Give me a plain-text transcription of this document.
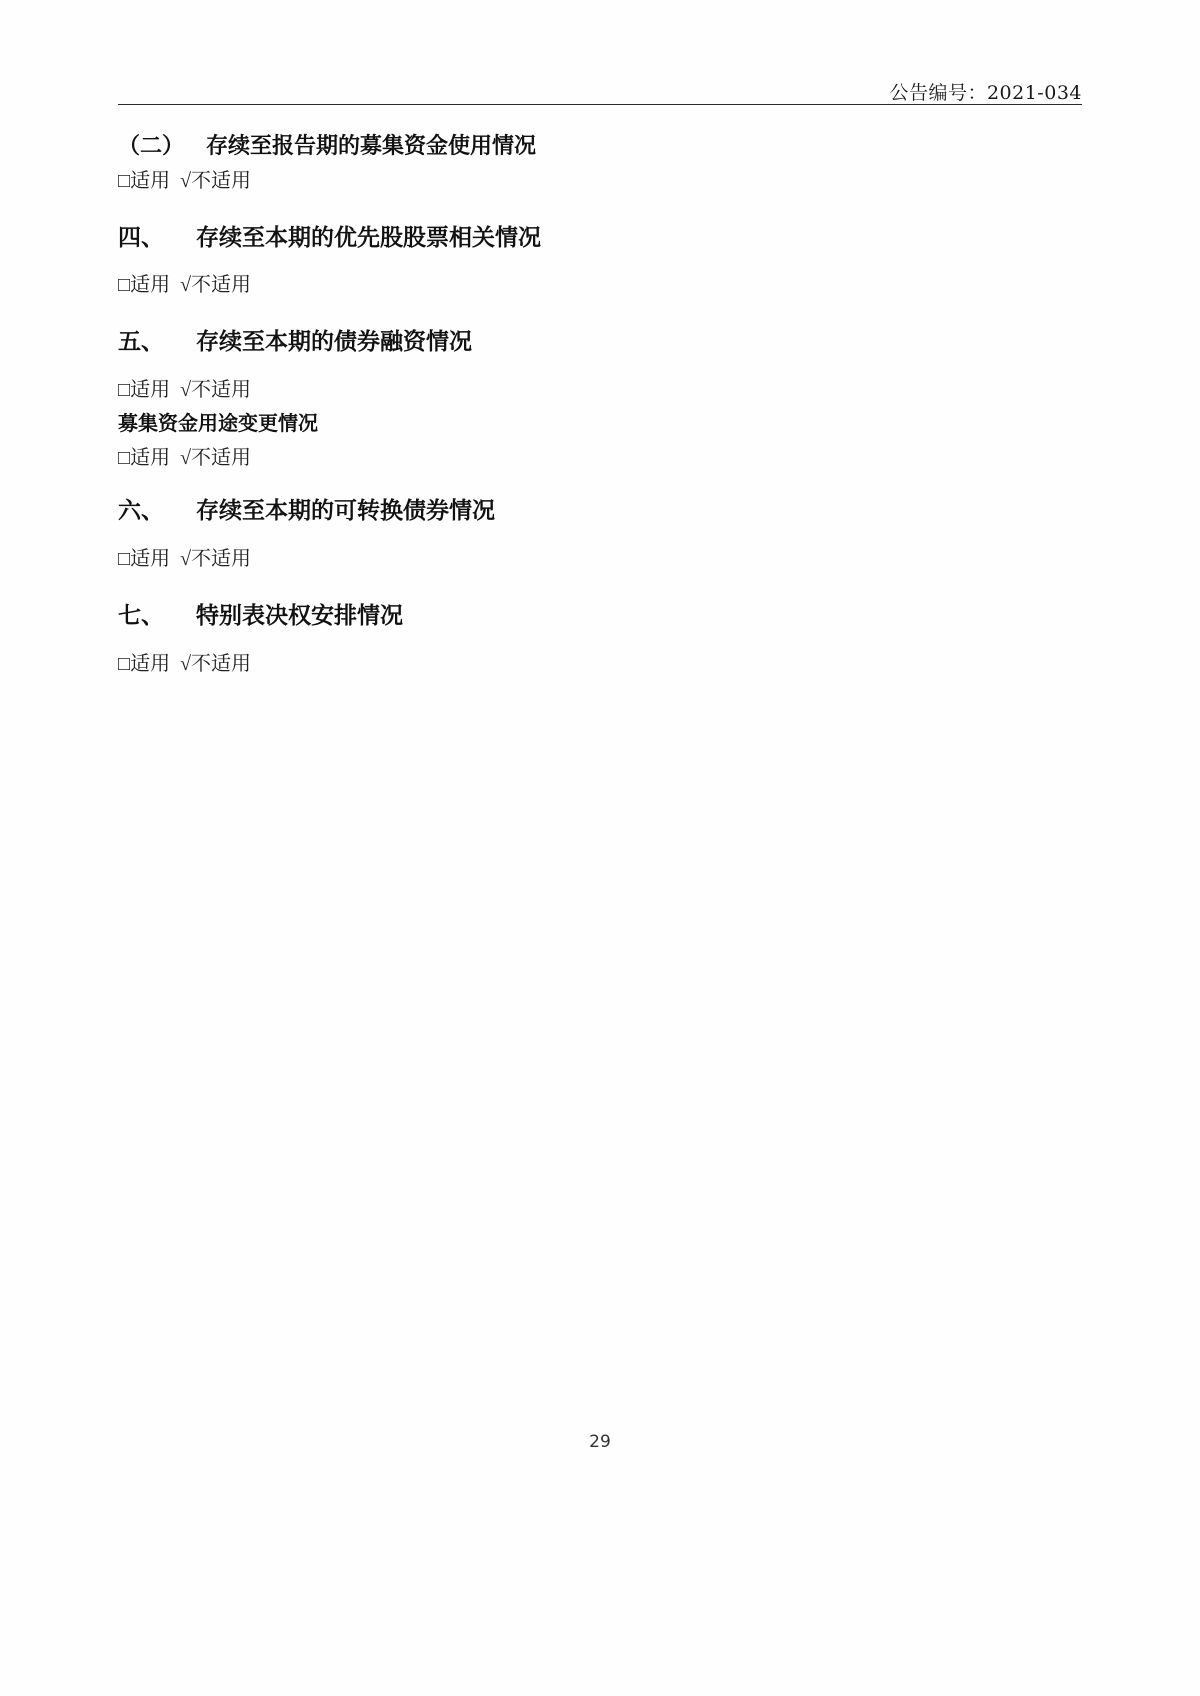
公告编号：2021-034

（二） 存续至报告期的募集资金使用情况

□适用  √不适用

四、 存续至本期的优先股股票相关情况

□适用  √不适用

五、 存续至本期的债券融资情况

□适用  √不适用

募集资金用途变更情况

□适用  √不适用

六、 存续至本期的可转换债券情况

□适用  √不适用

七、 特别表决权安排情况

□适用  √不适用

29
